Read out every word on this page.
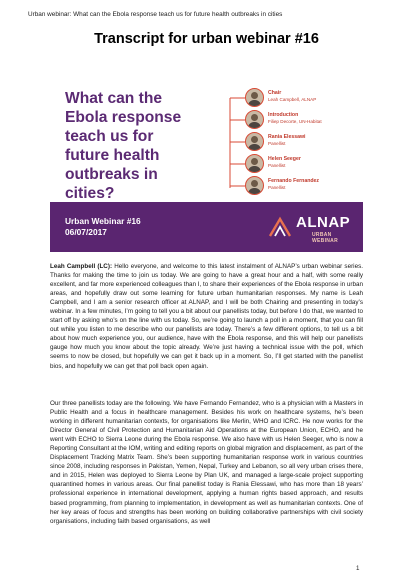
Urban webinar: What can the Ebola response teach us for future health outbreaks in cities
Transcript for urban webinar #16
What can the
Ebola response
teach us for
future health
outbreaks in
cities?
Chair
Leah Campbell, ALNAP
Introduction
Filiep Decorte, UN-Habitat
Rania Elessawi
Panellist
Helen Seeger
Panellist
Fernando Fernandez
Panellist
Urban Webinar #16
06/07/2017
ALNAP
URBAN WEBINAR

Leah Campbell (LC): Hello everyone, and welcome to this latest instalment of ALNAP’s urban webinar series. Thanks for making the time to join us today. We are going to have a great hour and a half, with some really excellent, and far more experienced colleagues than I, to share their experiences of the Ebola response in urban areas, and hopefully draw out some learning for future urban humanitarian responses. My name is Leah Campbell, and I am a senior research officer at ALNAP, and I will be both Chairing and presenting in today’s webinar. In a few minutes, I’m going to tell you a bit about our panellists today, but before I do that, we wanted to start off by asking who’s on the line with us today. So, we’re going to launch a poll in a moment, that you can fill out while you listen to me describe who our panellists are today. There’s a few different options, to tell us a bit about how much experience you, our audience, have with the Ebola response, and this will help our panellists gauge how much you know about the topic already. We’re just having a technical issue with the poll, which seems to now be closed, but hopefully we can get it back up in a moment. So, I’ll get started with the panellist bios, and hopefully we can get that poll back open again.

Our three panellists today are the following. We have Fernando Fernandez, who is a physician with a Masters in Public Health and a focus in healthcare management. Besides his work on healthcare systems, he’s been working in different humanitarian contexts, for organisations like Merlin, WHO and ICRC. He now works for the Director General of Civil Protection and Humanitarian Aid Operations at the European Union, ECHO, and he went with ECHO to Sierra Leone during the Ebola response. We also have with us Helen Seeger, who is now a Reporting Consultant at the IOM, writing and editing reports on global migration and displacement, as part of the Displacement Tracking Matrix Team. She’s been supporting humanitarian response work in various countries since 2008, including responses in Pakistan, Yemen, Nepal, Turkey and Lebanon, so all very urban crises there, and in 2015, Helen was deployed to Sierra Leone by Plan UK, and managed a large-scale project supporting quarantined homes in various areas. Our final panellist today is Rania Elessawi, who has more than 18 years’ professional experience in international development, applying a human rights based approach, and results based programming, from planning to implementation, in development as well as humanitarian contexts. One of her key areas of focus and strengths has been working on building collaborative partnerships with civil society organisations, including faith based organisations, as well

1
